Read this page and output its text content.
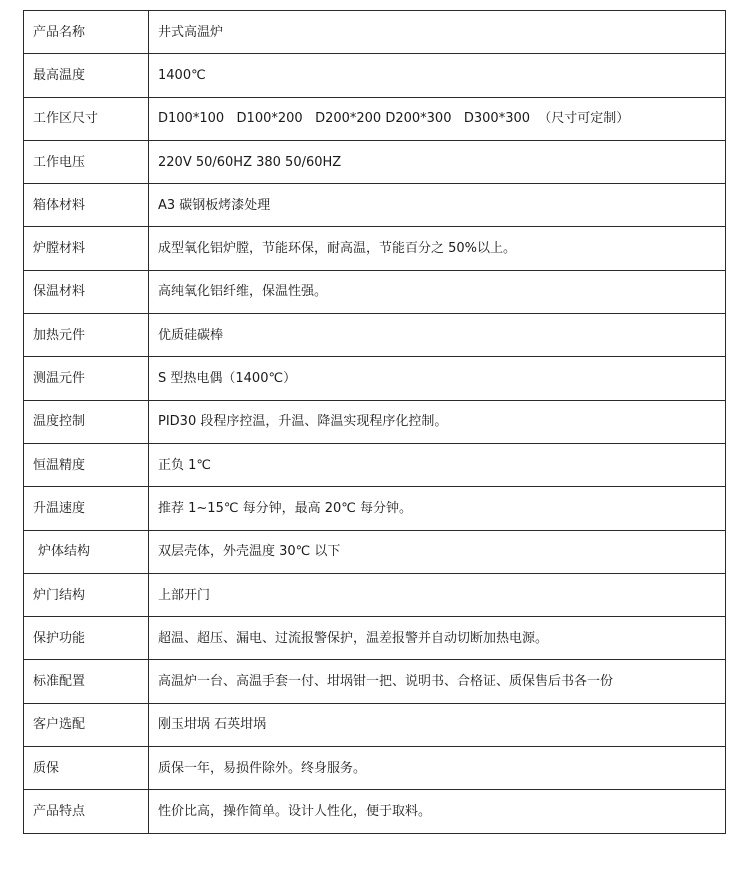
产品名称	井式高温炉
最高温度	1400℃
工作区尺寸	D100*100   D100*200   D200*200 D200*300   D300*300  （尺寸可定制）
工作电压	220V 50/60HZ 380 50/60HZ
箱体材料	A3 碳钢板烤漆处理
炉膛材料	成型氧化铝炉膛，节能环保，耐高温，节能百分之 50%以上。
保温材料	高纯氧化铝纤维，保温性强。
加热元件	优质硅碳棒
测温元件	S 型热电偶（1400℃）
温度控制	PID30 段程序控温，升温、降温实现程序化控制。
恒温精度	正负 1℃
升温速度	推荐 1~15℃ 每分钟，最高 20℃ 每分钟。
炉体结构	双层壳体，外壳温度 30℃ 以下
炉门结构	上部开门
保护功能	超温、超压、漏电、过流报警保护，温差报警并自动切断加热电源。
标准配置	高温炉一台、高温手套一付、坩埚钳一把、说明书、合格证、质保售后书各一份
客户选配	刚玉坩埚 石英坩埚
质保	质保一年，易损件除外。终身服务。
产品特点	性价比高，操作简单。设计人性化，便于取料。
